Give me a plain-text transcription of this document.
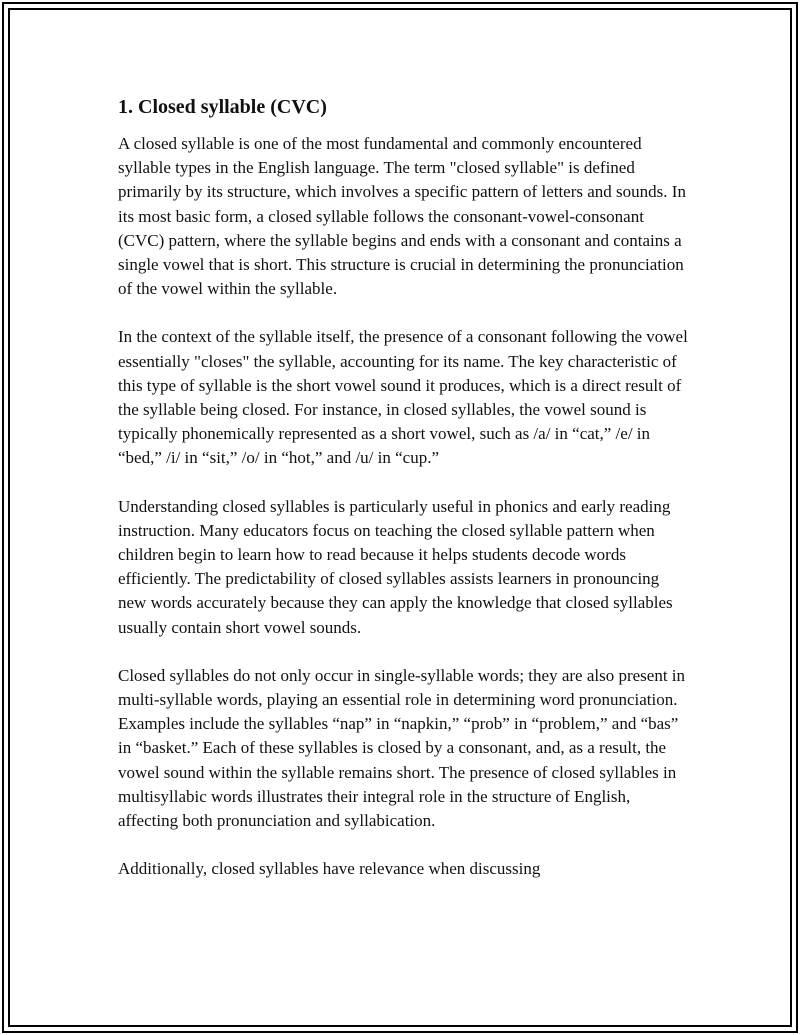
1. Closed syllable (CVC)

A closed syllable is one of the most fundamental and commonly encountered syllable types in the English language. The term "closed syllable" is defined primarily by its structure, which involves a specific pattern of letters and sounds. In its most basic form, a closed syllable follows the consonant-vowel-consonant (CVC) pattern, where the syllable begins and ends with a consonant and contains a single vowel that is short. This structure is crucial in determining the pronunciation of the vowel within the syllable.

In the context of the syllable itself, the presence of a consonant following the vowel essentially "closes" the syllable, accounting for its name. The key characteristic of this type of syllable is the short vowel sound it produces, which is a direct result of the syllable being closed. For instance, in closed syllables, the vowel sound is typically phonemically represented as a short vowel, such as /a/ in “cat,” /e/ in “bed,” /i/ in “sit,” /o/ in “hot,” and /u/ in “cup.”

Understanding closed syllables is particularly useful in phonics and early reading instruction. Many educators focus on teaching the closed syllable pattern when children begin to learn how to read because it helps students decode words efficiently. The predictability of closed syllables assists learners in pronouncing new words accurately because they can apply the knowledge that closed syllables usually contain short vowel sounds.

Closed syllables do not only occur in single-syllable words; they are also present in multi-syllable words, playing an essential role in determining word pronunciation. Examples include the syllables “nap” in “napkin,” “prob” in “problem,” and “bas” in “basket.” Each of these syllables is closed by a consonant, and, as a result, the vowel sound within the syllable remains short. The presence of closed syllables in multisyllabic words illustrates their integral role in the structure of English, affecting both pronunciation and syllabication.

Additionally, closed syllables have relevance when discussing
